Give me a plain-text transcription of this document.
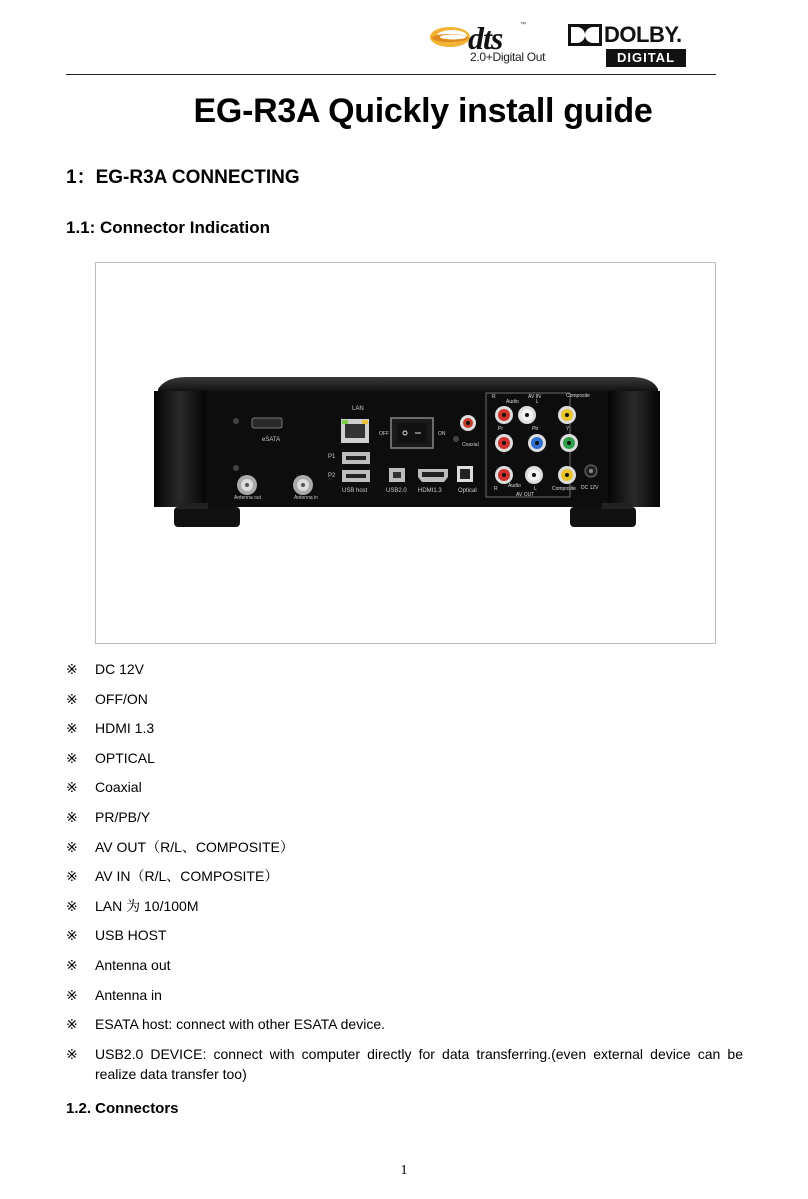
dts	™
2.0+Digital Out
DOLBY.
DIGITAL
EG-R3A Quickly install guide
1：EG-R3A CONNECTING
1.1: Connector Indication
eSATA
LAN
P1
P2
USB host
OFF	ON
USB2.0 HDMI1.3
Coaxial
Optical
AV IN
R
Audio	L
Composite
Pr	Pb	Y
R Audio	L
AV OUT
Composite DC 12V
Antenna out	Antenna in
※	DC 12V
※	OFF/ON
※	HDMI 1.3
※	OPTICAL
※	Coaxial
※	PR/PB/Y
※	AV OUT（R/L、COMPOSITE）
※	AV IN（R/L、COMPOSITE）
※	LAN 为 10/100M
※	USB HOST
※	Antenna out
※	Antenna in
※	ESATA host: connect with other ESATA device.
※	USB2.0 DEVICE: connect with computer directly for data transferring.(even external device can be realize data transfer too)
1.2. Connectors
1
